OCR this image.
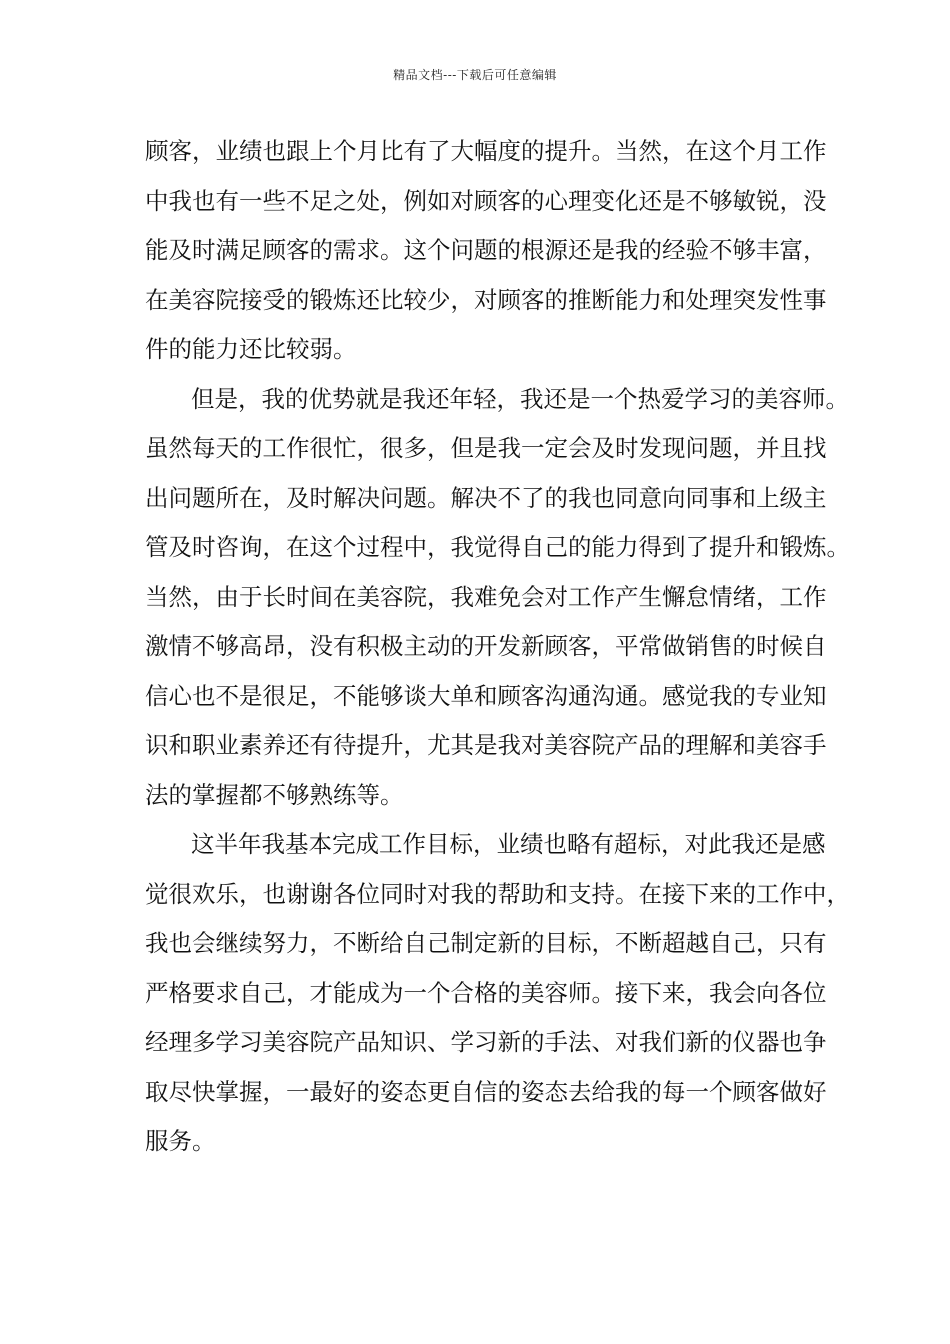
精品文档---下载后可任意编辑
顾客，业绩也跟上个月比有了大幅度的提升。当然，在这个月工作
中我也有一些不足之处，例如对顾客的心理变化还是不够敏锐，没
能及时满足顾客的需求。这个问题的根源还是我的经验不够丰富，
在美容院接受的锻炼还比较少，对顾客的推断能力和处理突发性事
件的能力还比较弱。
但是，我的优势就是我还年轻，我还是一个热爱学习的美容师。
虽然每天的工作很忙，很多，但是我一定会及时发现问题，并且找
出问题所在，及时解决问题。解决不了的我也同意向同事和上级主
管及时咨询，在这个过程中，我觉得自己的能力得到了提升和锻炼。
当然，由于长时间在美容院，我难免会对工作产生懈怠情绪，工作
激情不够高昂，没有积极主动的开发新顾客，平常做销售的时候自
信心也不是很足，不能够谈大单和顾客沟通沟通。感觉我的专业知
识和职业素养还有待提升，尤其是我对美容院产品的理解和美容手
法的掌握都不够熟练等。
这半年我基本完成工作目标，业绩也略有超标，对此我还是感
觉很欢乐，也谢谢各位同时对我的帮助和支持。在接下来的工作中，
我也会继续努力，不断给自己制定新的目标，不断超越自己，只有
严格要求自己，才能成为一个合格的美容师。接下来，我会向各位
经理多学习美容院产品知识、学习新的手法、对我们新的仪器也争
取尽快掌握，一最好的姿态更自信的姿态去给我的每一个顾客做好
服务。
